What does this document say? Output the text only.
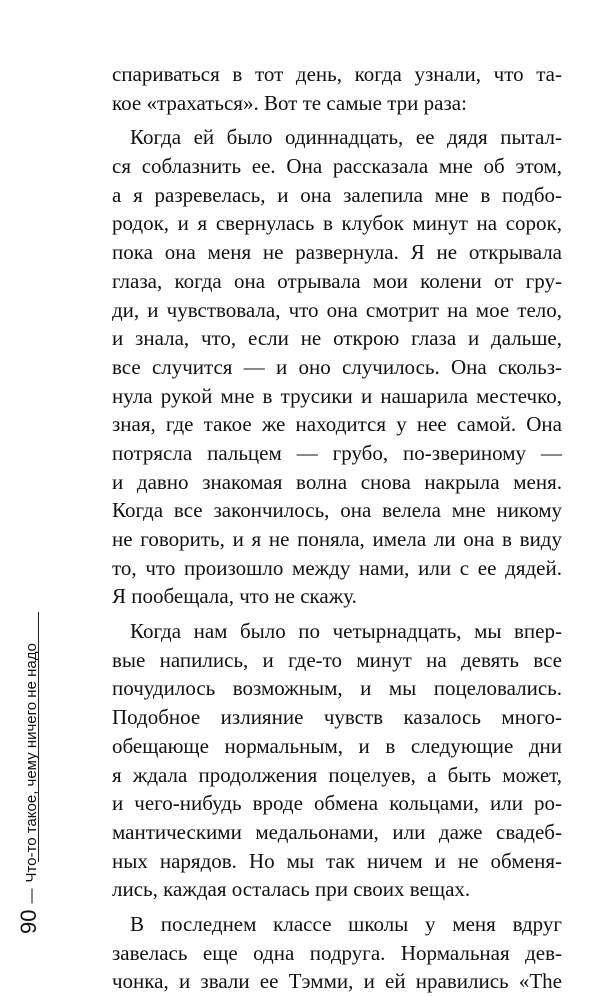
спариваться в тот день, когда узнали, что та-
кое «трахаться». Вот те самые три раза:
Когда ей было одиннадцать, ее дядя пытал-
ся соблазнить ее. Она рассказала мне об этом,
а я разревелась, и она залепила мне в подбо-
родок, и я свернулась в клубок минут на сорок,
пока она меня не развернула. Я не открывала
глаза, когда она отрывала мои колени от гру-
ди, и чувствовала, что она смотрит на мое тело,
и знала, что, если не открою глаза и дальше,
все случится — и оно случилось. Она скольз-
нула рукой мне в трусики и нашарила местечко,
зная, где такое же находится у нее самой. Она
потрясла пальцем — грубо, по-звериному —
и давно знакомая волна снова накрыла меня.
Когда все закончилось, она велела мне никому
не говорить, и я не поняла, имела ли она в виду
то, что произошло между нами, или с ее дядей.
Я пообещала, что не скажу.
Когда нам было по четырнадцать, мы впер-
вые напились, и где-то минут на девять все
почудилось возможным, и мы поцеловались.
Подобное излияние чувств казалось много-
обещающе нормальным, и в следующие дни
я ждала продолжения поцелуев, а быть может,
и чего-нибудь вроде обмена кольцами, или ро-
мантическими медальонами, или даже свадеб-
ных нарядов. Но мы так ничем и не обменя-
лись, каждая осталась при своих вещах.
В последнем классе школы у меня вдруг
завелась еще одна подруга. Нормальная дев-
чонка, и звали ее Тэмми, и ей нравились «The
90—Что-то такое, чему ничего не надо
